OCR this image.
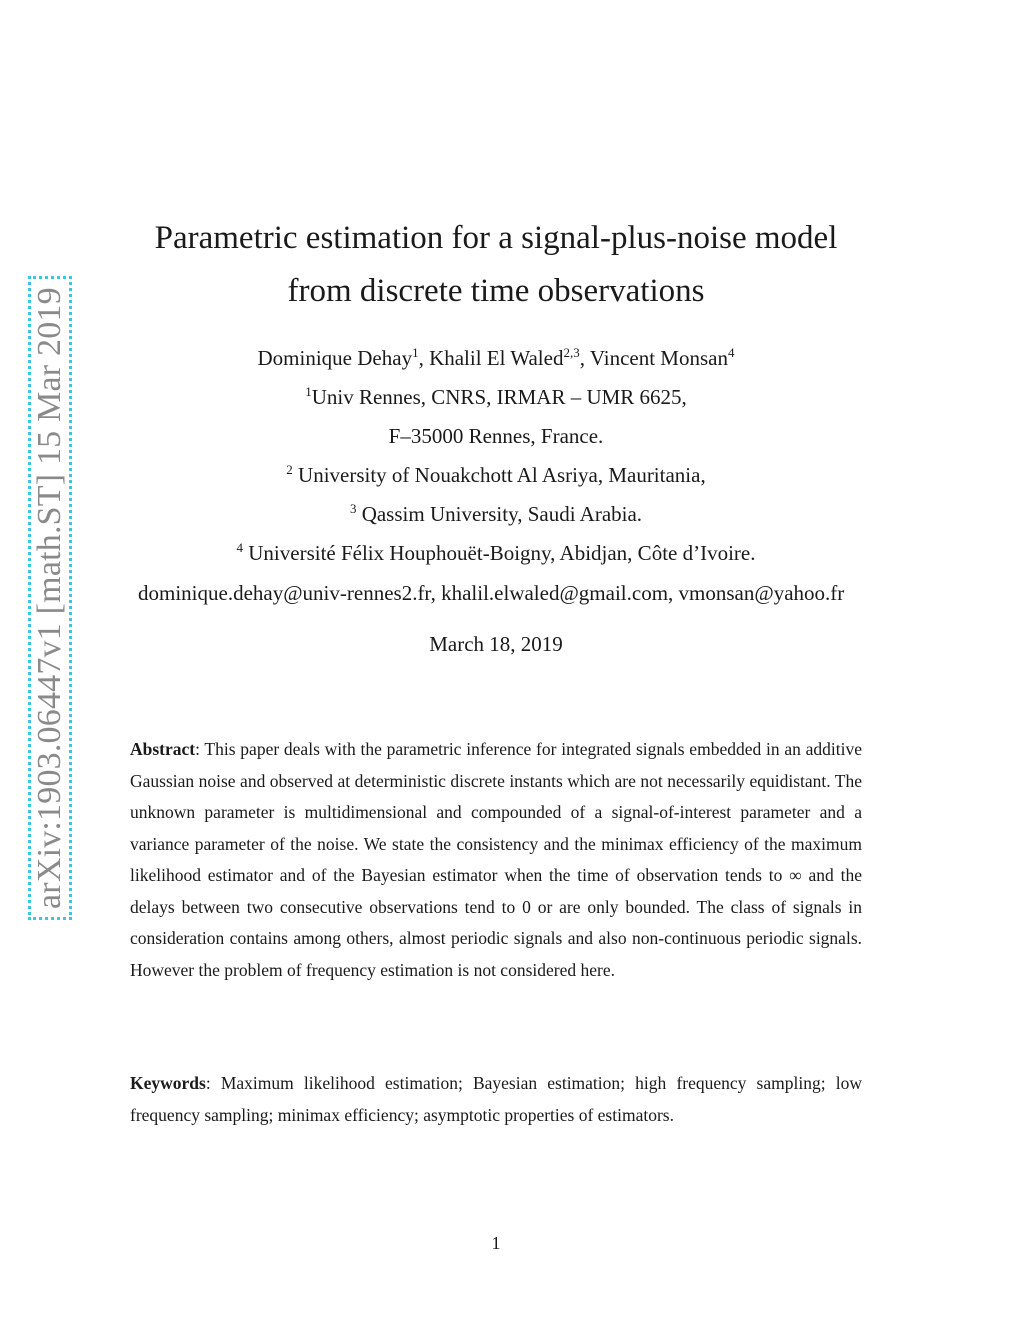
arXiv:1903.06447v1 [math.ST] 15 Mar 2019
Parametric estimation for a signal-plus-noise model
from discrete time observations
Dominique Dehay$^1$, Khalil El Waled$^{2,3}$, Vincent Monsan$^4$
$^1$Univ Rennes, CNRS, IRMAR – UMR 6625,
F–35000 Rennes, France.
$^2$ University of Nouakchott Al Asriya, Mauritania,
$^3$ Qassim University, Saudi Arabia.
$^4$ Université Félix Houphouët-Boigny, Abidjan, Côte d’Ivoire.
dominique.dehay@univ-rennes2.fr, khalil.elwaled@gmail.com, vmonsan@yahoo.fr
March 18, 2019
Abstract: This paper deals with the parametric inference for integrated signals embedded in an additive Gaussian noise and observed at deterministic discrete instants which are not necessarily equidistant. The unknown parameter is multidimensional and compounded of a signal-of-interest parameter and a variance parameter of the noise. We state the consistency and the minimax efficiency of the maximum likelihood estimator and of the Bayesian estimator when the time of observation tends to ∞ and the delays between two consecutive observations tend to 0 or are only bounded. The class of signals in consideration contains among others, almost periodic signals and also non-continuous periodic signals. However the problem of frequency estimation is not considered here.
Keywords: Maximum likelihood estimation; Bayesian estimation; high frequency sampling; low frequency sampling; minimax efficiency; asymptotic properties of estimators.
1
